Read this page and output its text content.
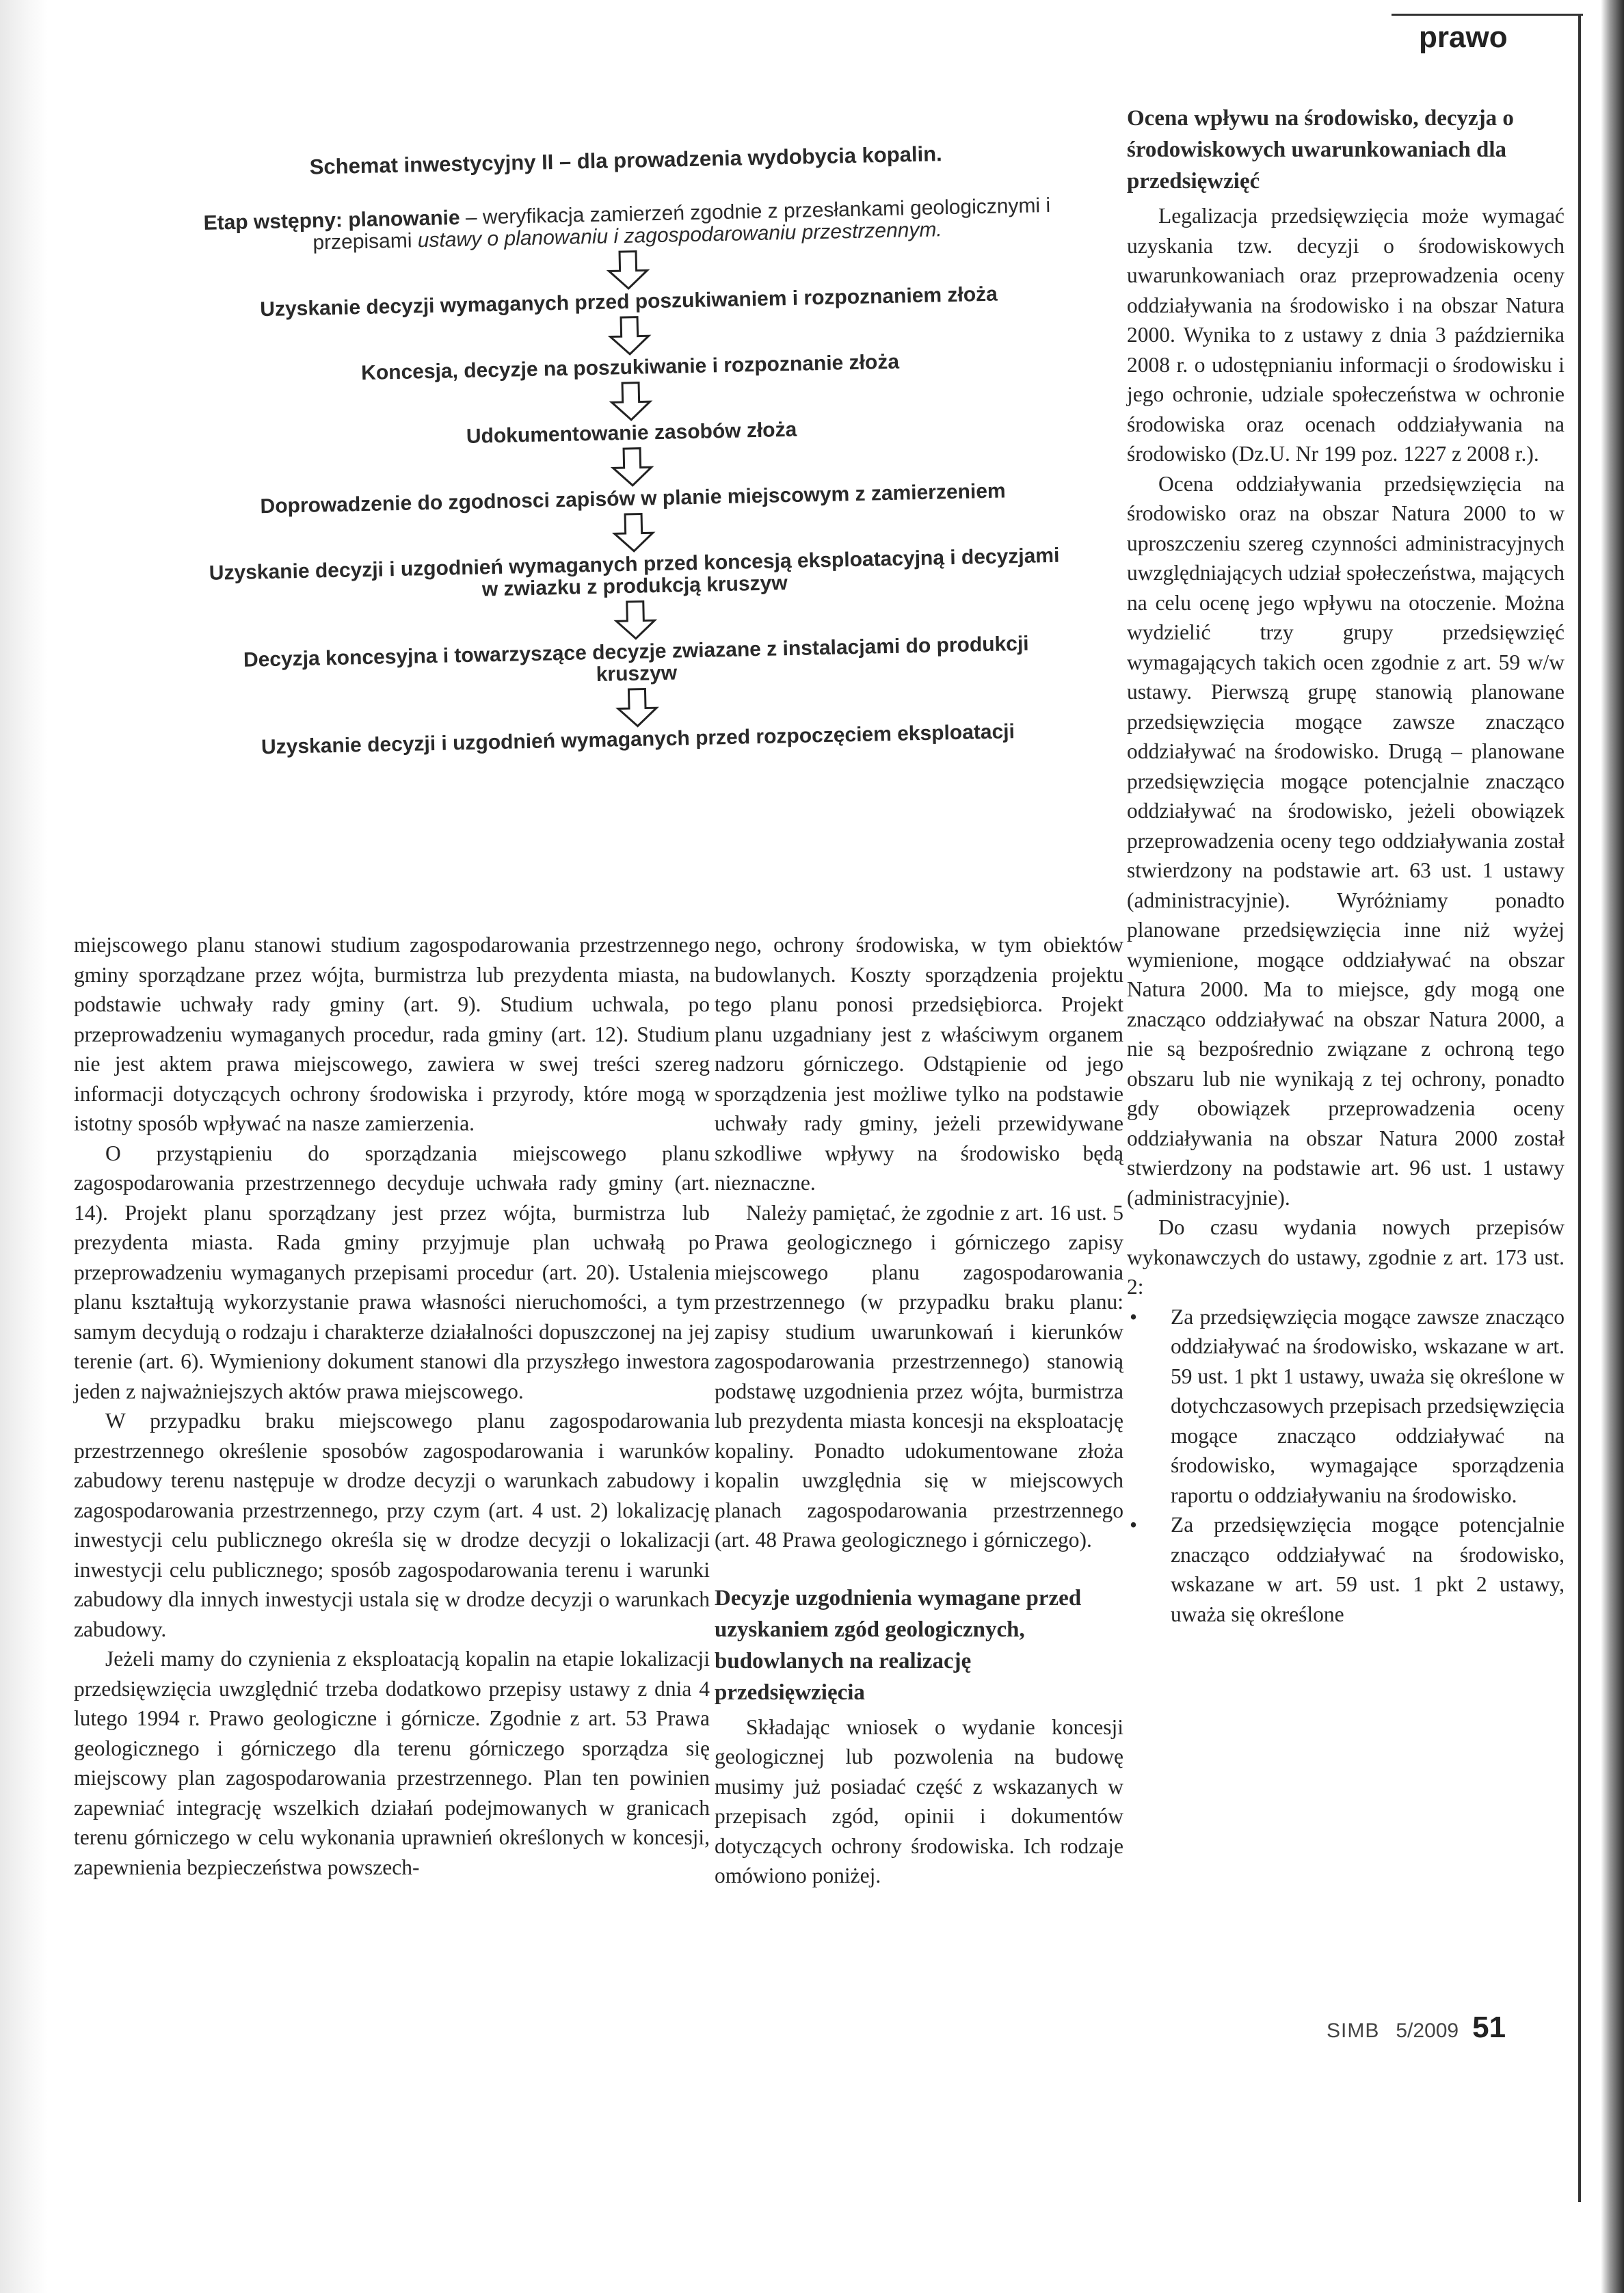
prawo
Schemat inwestycyjny II – dla prowadzenia wydobycia kopalin.
Etap wstępny: planowanie – weryfikacja zamierzeń zgodnie z przesłankami geologicznymi i przepisami ustawy o planowaniu i zagospodarowaniu przestrzennym.
Uzyskanie decyzji wymaganych przed poszukiwaniem i rozpoznaniem złoża
Koncesja, decyzje na poszukiwanie i rozpoznanie złoża
Udokumentowanie zasobów złoża
Doprowadzenie do zgodnosci zapisów w planie miejscowym z zamierzeniem
Uzyskanie decyzji i uzgodnień wymaganych przed koncesją eksploatacyjną i decyzjami w zwiazku z produkcją kruszyw
Decyzja koncesyjna i towarzyszące decyzje zwiazane z instalacjami do produkcji kruszyw
Uzyskanie decyzji i uzgodnień wymaganych przed rozpoczęciem eksploatacji

miejscowego planu stanowi studium zagospodarowania przestrzennego gminy sporządzane przez wójta, burmistrza lub prezydenta miasta, na podstawie uchwały rady gminy (art. 9). Studium uchwala, po przeprowadzeniu wymaganych procedur, rada gminy (art. 12). Studium nie jest aktem prawa miejscowego, zawiera w swej treści szereg informacji dotyczących ochrony środowiska i przyrody, które mogą w istotny sposób wpływać na nasze zamierzenia.

O przystąpieniu do sporządzania miejscowego planu zagospodarowania przestrzennego decyduje uchwała rady gminy (art. 14). Projekt planu sporządzany jest przez wójta, burmistrza lub prezydenta miasta. Rada gminy przyjmuje plan uchwałą po przeprowadzeniu wymaganych przepisami procedur (art. 20). Ustalenia planu kształtują wykorzystanie prawa własności nieruchomości, a tym samym decydują o rodzaju i charakterze działalności dopuszczonej na jej terenie (art. 6). Wymieniony dokument stanowi dla przyszłego inwestora jeden z najważniejszych aktów prawa miejscowego.

W przypadku braku miejscowego planu zagospodarowania przestrzennego określenie sposobów zagospodarowania i warunków zabudowy terenu następuje w drodze decyzji o warunkach zabudowy i zagospodarowania przestrzennego, przy czym (art. 4 ust. 2) lokalizację inwestycji celu publicznego określa się w drodze decyzji o lokalizacji inwestycji celu publicznego; sposób zagospodarowania terenu i warunki zabudowy dla innych inwestycji ustala się w drodze decyzji o warunkach zabudowy.

Jeżeli mamy do czynienia z eksploatacją kopalin na etapie lokalizacji przedsięwzięcia uwzględnić trzeba dodatkowo przepisy ustawy z dnia 4 lutego 1994 r. Prawo geologiczne i górnicze. Zgodnie z art. 53 Prawa geologicznego i górniczego dla terenu górniczego sporządza się miejscowy plan zagospodarowania przestrzennego. Plan ten powinien zapewniać integrację wszelkich działań podejmowanych w granicach terenu górniczego w celu wykonania uprawnień określonych w koncesji, zapewnienia bezpieczeństwa powszech-

nego, ochrony środowiska, w tym obiektów budowlanych. Koszty sporządzenia projektu tego planu ponosi przedsiębiorca. Projekt planu uzgadniany jest z właściwym organem nadzoru górniczego. Odstąpienie od jego sporządzenia jest możliwe tylko na podstawie uchwały rady gminy, jeżeli przewidywane szkodliwe wpływy na środowisko będą nieznaczne.

Należy pamiętać, że zgodnie z art. 16 ust. 5 Prawa geologicznego i górniczego zapisy miejscowego planu zagospodarowania przestrzennego (w przypadku braku planu: zapisy studium uwarunkowań i kierunków zagospodarowania przestrzennego) stanowią podstawę uzgodnienia przez wójta, burmistrza lub prezydenta miasta koncesji na eksploatację kopaliny. Ponadto udokumentowane złoża kopalin uwzględnia się w miejscowych planach zagospodarowania przestrzennego (art. 48 Prawa geologicznego i górniczego).

Decyzje uzgodnienia wymagane przed uzyskaniem zgód geologicznych, budowlanych na realizację przedsięwzięcia

Składając wniosek o wydanie koncesji geologicznej lub pozwolenia na budowę musimy już posiadać część z wskazanych w przepisach zgód, opinii i dokumentów dotyczących ochrony środowiska. Ich rodzaje omówiono poniżej.

Ocena wpływu na środowisko, decyzja o środowiskowych uwarunkowaniach dla przedsięwzięć

Legalizacja przedsięwzięcia może wymagać uzyskania tzw. decyzji o środowiskowych uwarunkowaniach oraz przeprowadzenia oceny oddziaływania na środowisko i na obszar Natura 2000. Wynika to z ustawy z dnia 3 października 2008 r. o udostępnianiu informacji o środowisku i jego ochronie, udziale społeczeństwa w ochronie środowiska oraz ocenach oddziaływania na środowisko (Dz.U. Nr 199 poz. 1227 z 2008 r.).

Ocena oddziaływania przedsięwzięcia na środowisko oraz na obszar Natura 2000 to w uproszczeniu szereg czynności administracyjnych uwzględniających udział społeczeństwa, mających na celu ocenę jego wpływu na otoczenie. Można wydzielić trzy grupy przedsięwzięć wymagających takich ocen zgodnie z art. 59 w/w ustawy. Pierwszą grupę stanowią planowane przedsięwzięcia mogące zawsze znacząco oddziaływać na środowisko. Drugą – planowane przedsięwzięcia mogące potencjalnie znacząco oddziaływać na środowisko, jeżeli obowiązek przeprowadzenia oceny tego oddziaływania został stwierdzony na podstawie art. 63 ust. 1 ustawy (administracyjnie). Wyróżniamy ponadto planowane przedsięwzięcia inne niż wyżej wymienione, mogące oddziaływać na obszar Natura 2000. Ma to miejsce, gdy mogą one znacząco oddziaływać na obszar Natura 2000, a nie są bezpośrednio związane z ochroną tego obszaru lub nie wynikają z tej ochrony, ponadto gdy obowiązek przeprowadzenia oceny oddziaływania na obszar Natura 2000 został stwierdzony na podstawie art. 96 ust. 1 ustawy (administracyjnie).

Do czasu wydania nowych przepisów wykonawczych do ustawy, zgodnie z art. 173 ust. 2:

• Za przedsięwzięcia mogące zawsze znacząco oddziaływać na środowisko, wskazane w art. 59 ust. 1 pkt 1 ustawy, uważa się określone w dotychczasowych przepisach przedsięwzięcia mogące znacząco oddziaływać na środowisko, wymagające sporządzenia raportu o oddziaływaniu na środowisko.
• Za przedsięwzięcia mogące potencjalnie znacząco oddziaływać na środowisko, wskazane w art. 59 ust. 1 pkt 2 ustawy, uważa się określone
SIMB 5/2009 51
